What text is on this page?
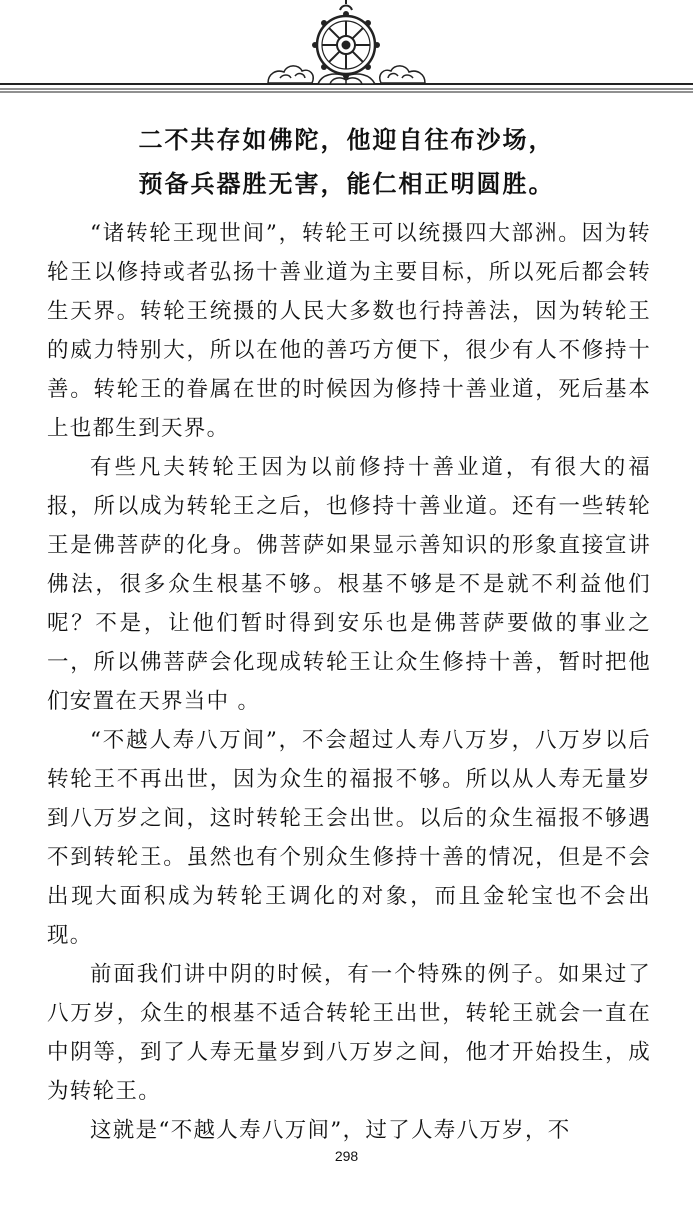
二不共存如佛陀，他迎自往布沙场，
预备兵器胜无害，能仁相正明圆胜。

“诸转轮王现世间”，转轮王可以统摄四大部洲。因为转轮王以修持或者弘扬十善业道为主要目标，所以死后都会转生天界。转轮王统摄的人民大多数也行持善法，因为转轮王的威力特别大，所以在他的善巧方便下，很少有人不修持十善。转轮王的眷属在世的时候因为修持十善业道，死后基本上也都生到天界。

有些凡夫转轮王因为以前修持十善业道，有很大的福报，所以成为转轮王之后，也修持十善业道。还有一些转轮王是佛菩萨的化身。佛菩萨如果显示善知识的形象直接宣讲佛法，很多众生根基不够。根基不够是不是就不利益他们呢？不是，让他们暂时得到安乐也是佛菩萨要做的事业之一，所以佛菩萨会化现成转轮王让众生修持十善，暂时把他们安置在天界当中 。

“不越人寿八万间”，不会超过人寿八万岁，八万岁以后转轮王不再出世，因为众生的福报不够。所以从人寿无量岁到八万岁之间，这时转轮王会出世。以后的众生福报不够遇不到转轮王。虽然也有个别众生修持十善的情况，但是不会出现大面积成为转轮王调化的对象，而且金轮宝也不会出现。

前面我们讲中阴的时候，有一个特殊的例子。如果过了八万岁，众生的根基不适合转轮王出世，转轮王就会一直在中阴等，到了人寿无量岁到八万岁之间，他才开始投生，成为转轮王。

这就是“不越人寿八万间”，过了人寿八万岁，不

298
